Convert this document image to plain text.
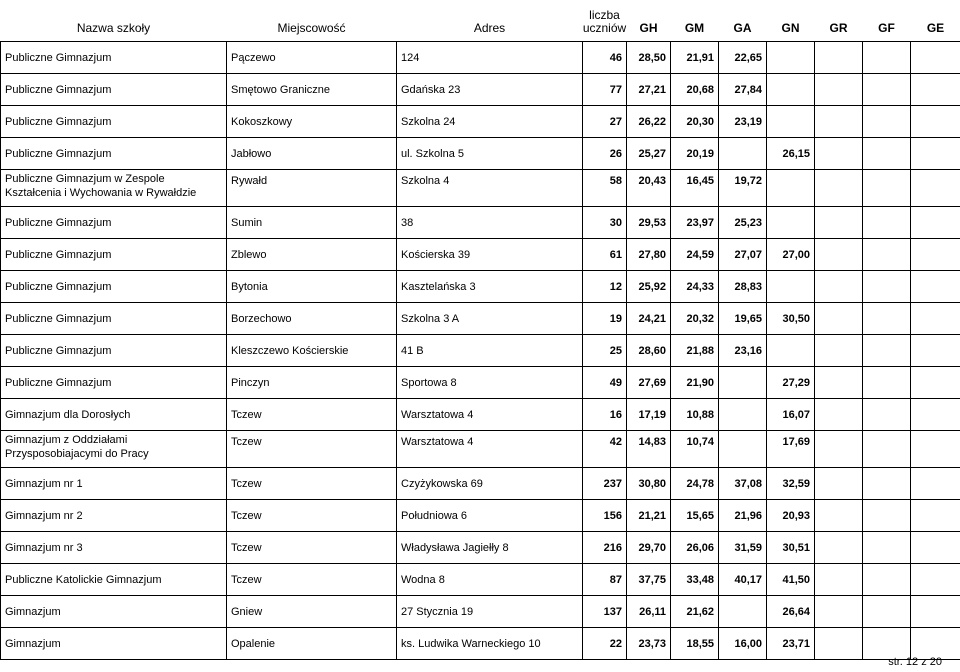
Nazwa szkoły	Miejscowość	Adres	liczba uczniów	GH	GM	GA	GN	GR	GF	GE
Publiczne Gimnazjum	Pączewo	124	46	28,50	21,91	22,65				
Publiczne Gimnazjum	Smętowo Graniczne	Gdańska 23	77	27,21	20,68	27,84				
Publiczne Gimnazjum	Kokoszkowy	Szkolna 24	27	26,22	20,30	23,19				
Publiczne Gimnazjum	Jabłowo	ul. Szkolna 5	26	25,27	20,19		26,15			
Publiczne Gimnazjum w Zespole Kształcenia i Wychowania w Rywałdzie	Rywałd	Szkolna 4	58	20,43	16,45	19,72				
Publiczne Gimnazjum	Sumin	38	30	29,53	23,97	25,23				
Publiczne Gimnazjum	Zblewo	Kościerska 39	61	27,80	24,59	27,07	27,00			
Publiczne Gimnazjum	Bytonia	Kasztelańska 3	12	25,92	24,33	28,83				
Publiczne Gimnazjum	Borzechowo	Szkolna 3 A	19	24,21	20,32	19,65	30,50			
Publiczne Gimnazjum	Kleszczewo Kościerskie	41 B	25	28,60	21,88	23,16				
Publiczne Gimnazjum	Pinczyn	Sportowa 8	49	27,69	21,90		27,29			
Gimnazjum dla Dorosłych	Tczew	Warsztatowa 4	16	17,19	10,88		16,07			
Gimnazjum z Oddziałami Przysposobiajacymi do Pracy	Tczew	Warsztatowa 4	42	14,83	10,74		17,69			
Gimnazjum nr 1	Tczew	Czyżykowska 69	237	30,80	24,78	37,08	32,59			
Gimnazjum nr 2	Tczew	Południowa 6	156	21,21	15,65	21,96	20,93			
Gimnazjum nr 3	Tczew	Władysława Jagiełły 8	216	29,70	26,06	31,59	30,51			
Publiczne Katolickie Gimnazjum	Tczew	Wodna 8	87	37,75	33,48	40,17	41,50			
Gimnazjum	Gniew	27 Stycznia 19	137	26,11	21,62		26,64			
Gimnazjum	Opalenie	ks. Ludwika Warneckiego 10	22	23,73	18,55	16,00	23,71			
str. 12 z 20
